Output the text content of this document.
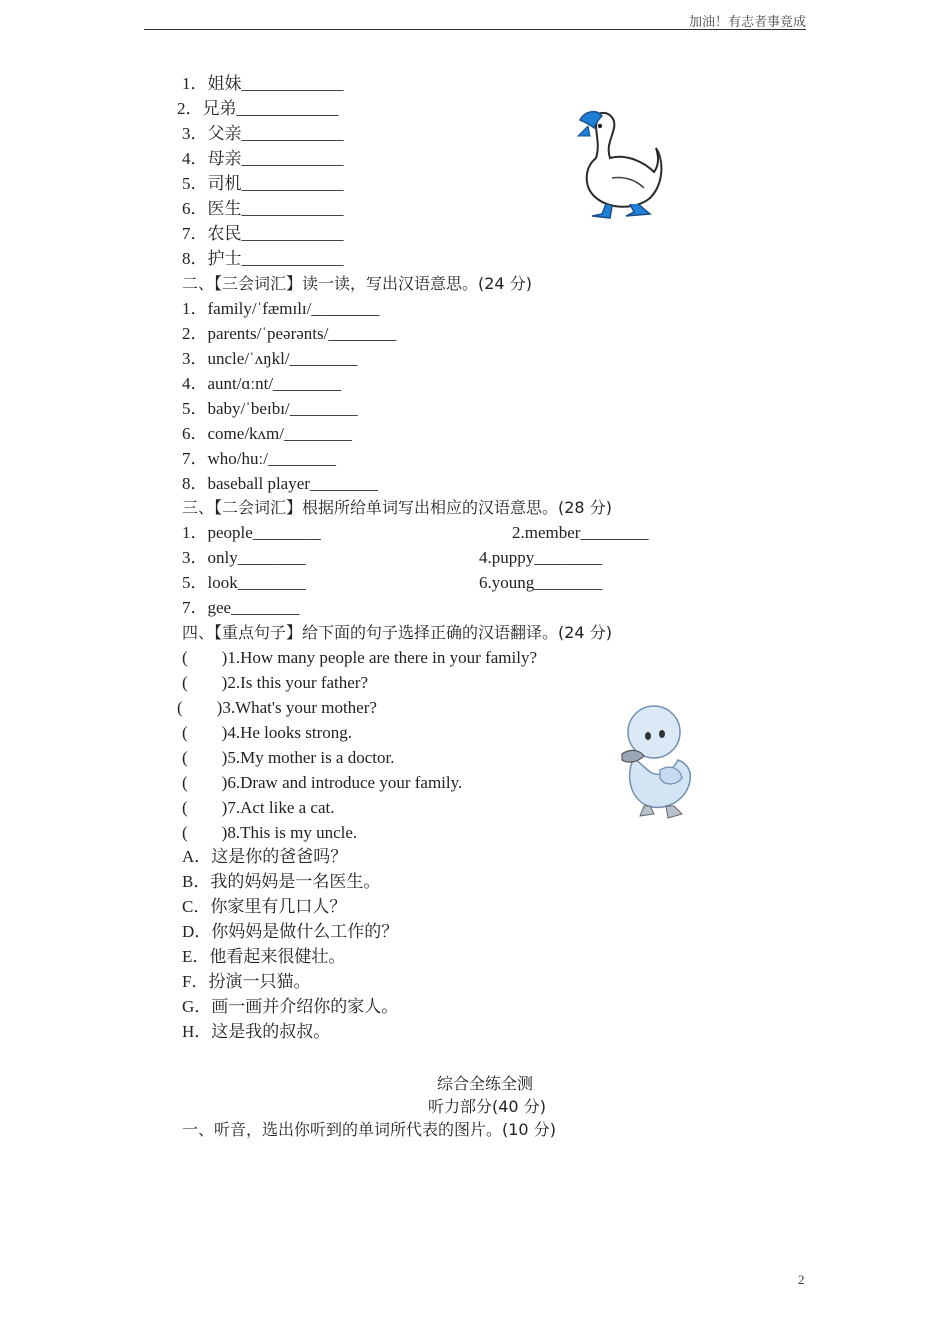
加油！有志者事竟成
1．姐妹____________
2．兄弟____________
3．父亲____________
4．母亲____________
5．司机____________
6．医生____________
7．农民____________
8．护士____________
二、【三会词汇】读一读，写出汉语意思。(24 分)
1．family/ˈfæmɪlɪ/________
2．parents/ˈpeərənts/________
3．uncle/ˈʌŋkl/________
4．aunt/ɑːnt/________
5．baby/ˈbeɪbɪ/________
6．come/kʌm/________
7．who/huː/________
8．baseball player________
三、【二会词汇】根据所给单词写出相应的汉语意思。(28 分)
1．people________	2.member________
3．only________	4.puppy________
5．look________	6.young________
7．gee________
四、【重点句子】给下面的句子选择正确的汉语翻译。(24 分)
(        )1.How many people are there in your family?
(        )2.Is this your father?
(        )3.What's your mother?
(        )4.He looks strong.
(        )5.My mother is a doctor.
(        )6.Draw and introduce your family.
(        )7.Act like a cat.
(        )8.This is my uncle.
A．这是你的爸爸吗？
B．我的妈妈是一名医生。
C．你家里有几口人？
D．你妈妈是做什么工作的？
E．他看起来很健壮。
F．扮演一只猫。
G．画一画并介绍你的家人。
H．这是我的叔叔。
综合全练全测
听力部分(40 分)
一、听音，选出你听到的单词所代表的图片。(10 分)
2
